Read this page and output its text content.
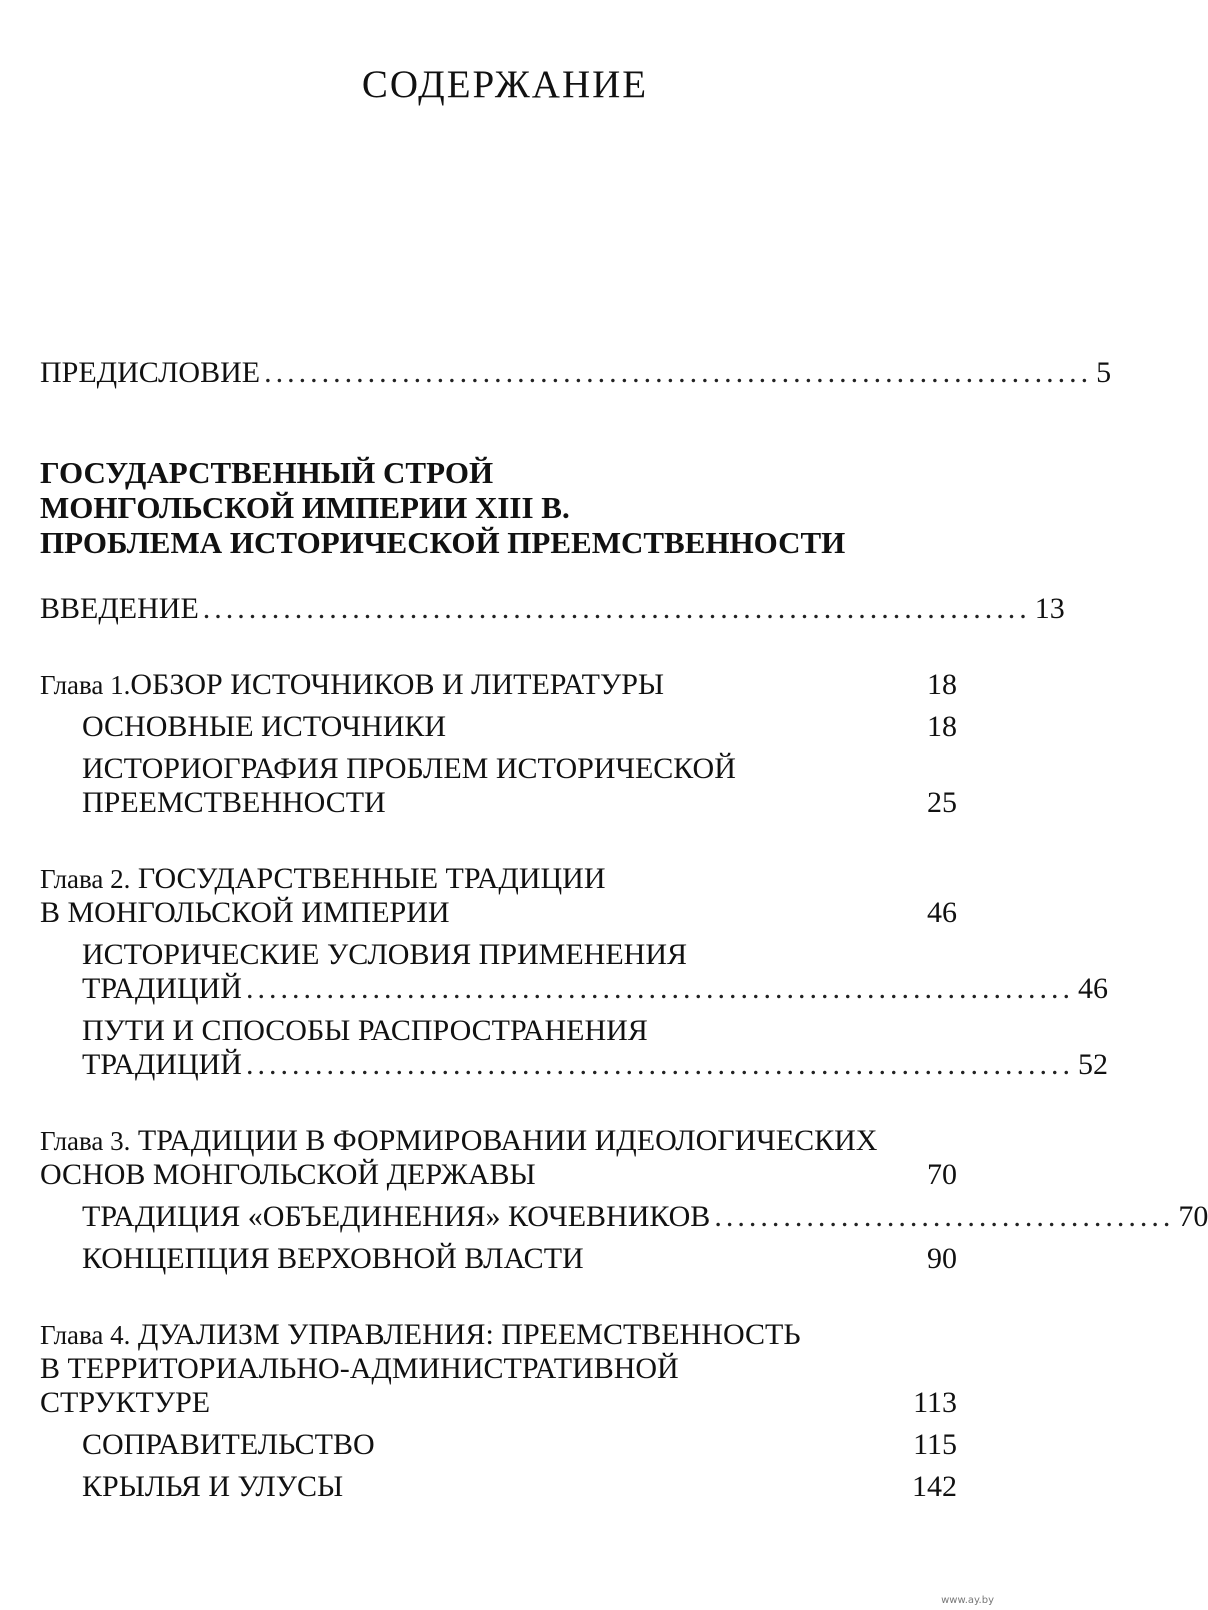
СОДЕРЖАНИЕ
ПРЕДИСЛОВИЕ ........................................................................ 5
ГОСУДАРСТВЕННЫЙ СТРОЙ
МОНГОЛЬСКОЙ ИМПЕРИИ XIII В.
ПРОБЛЕМА ИСТОРИЧЕСКОЙ ПРЕЕМСТВЕННОСТИ
ВВЕДЕНИЕ ........................................................................ 13
Глава 1.ОБЗОР ИСТОЧНИКОВ И ЛИТЕРАТУРЫ	18
ОСНОВНЫЕ ИСТОЧНИКИ	18
ИСТОРИОГРАФИЯ ПРОБЛЕМ ИСТОРИЧЕСКОЙ
ПРЕЕМСТВЕННОСТИ	25
Глава 2. ГОСУДАРСТВЕННЫЕ ТРАДИЦИИ
В МОНГОЛЬСКОЙ ИМПЕРИИ	46
ИСТОРИЧЕСКИЕ УСЛОВИЯ ПРИМЕНЕНИЯ
ТРАДИЦИЙ ........................................................................ 46
ПУТИ И СПОСОБЫ РАСПРОСТРАНЕНИЯ
ТРАДИЦИЙ ........................................................................ 52
Глава 3. ТРАДИЦИИ В ФОРМИРОВАНИИ ИДЕОЛОГИЧЕСКИХ
ОСНОВ МОНГОЛЬСКОЙ ДЕРЖАВЫ	70
ТРАДИЦИЯ «ОБЪЕДИНЕНИЯ» КОЧЕВНИКОВ ........................................ 70
КОНЦЕПЦИЯ ВЕРХОВНОЙ ВЛАСТИ	90
Глава 4. ДУАЛИЗМ УПРАВЛЕНИЯ: ПРЕЕМСТВЕННОСТЬ
В ТЕРРИТОРИАЛЬНО-АДМИНИСТРАТИВНОЙ
СТРУКТУРЕ	113
СОПРАВИТЕЛЬСТВО	115
КРЫЛЬЯ И УЛУСЫ	142
www.ay.by
